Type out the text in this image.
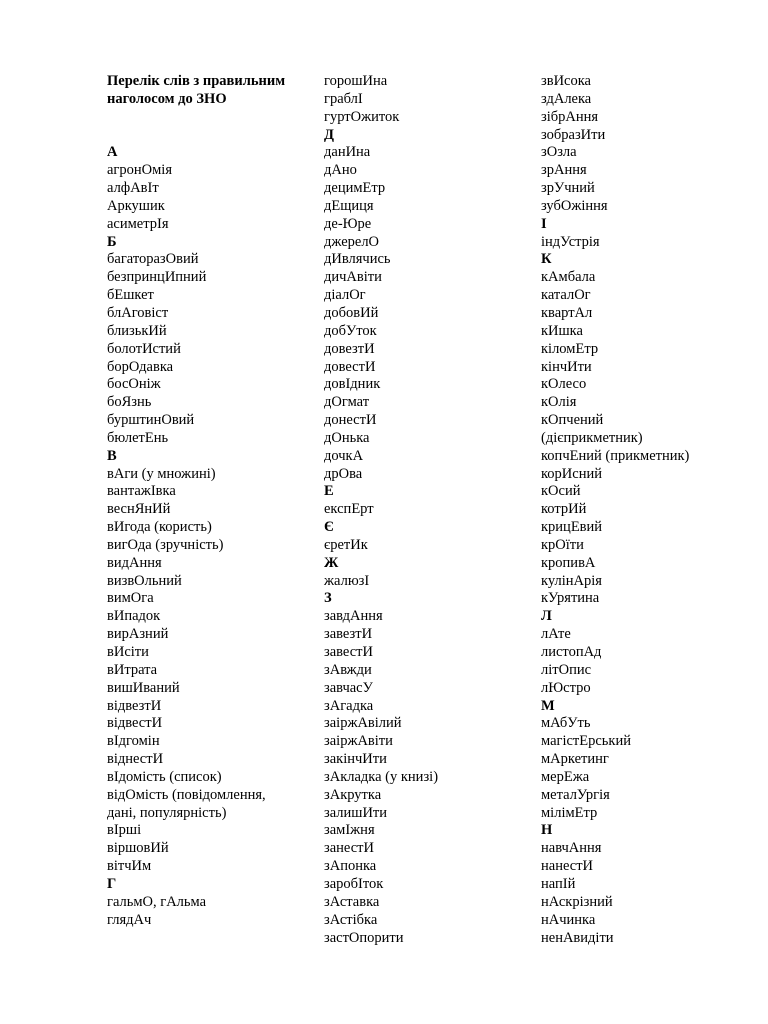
Перелік слів з правильним наголосом до ЗНО
А
агронОмія
алфАвІт
Аркушик
асиметрІя
Б
багаторазОвий
безпринцИпний
бЕшкет
блАговіст
близькИй
болотИстий
борОдавка
босОніж
боЯзнь
бурштинОвий
бюлетЕнь
В
вАги (у множині)
вантажІвка
веснЯнИй
вИгода (користь)
вигОда (зручність)
видАння
визвОльний
вимОга
вИпадок
вирАзний
вИсіти
вИтрата
вишИваний
відвезтИ
відвестИ
вІдгомін
віднестИ
вІдомість (список)
відОмість (повідомлення, дані, популярність)
вІрші
віршовИй
вітчИм
Г
гальмО, гАльма
глядАч
горошИна
граблІ
гуртОжиток
Д
данИна
дАно
децимЕтр
дЕщиця
де-Юре
джерелО
дИвлячись
дичАвіти
діалОг
добовИй
добУток
довезтИ
довестИ
довІдник
дОгмат
донестИ
дОнька
дочкА
дрОва
Е
експЕрт
Є
єретИк
Ж
жалюзІ
З
завдАння
завезтИ
завестИ
зАвжди
завчасУ
зАгадка
заіржАвілий
заіржАвіти
закінчИти
зАкладка (у книзі)
зАкрутка
залишИти
замІжня
занестИ
зАпонка
заробІток
зАставка
зАстібка
застОпорити
звИсока
здАлека
зібрАння
зобразИти
зОзла
зрАння
зрУчний
зубОжіння
І
індУстрія
К
кАмбала
каталОг
квартАл
кИшка
кіломЕтр
кінчИти
кОлесо
кОлія
кОпчений
(дієприкметник)
копчЕний (прикметник)
корИсний
кОсий
котрИй
крицЕвий
крОїти
кропивА
кулінАрія
кУрятина
Л
лАте
листопАд
літОпис
лЮстро
М
мАбУть
магістЕрський
мАркетинг
мерЕжа
металУргія
мілімЕтр
Н
навчАння
нанестИ
напІй
нАскрізний
нАчинка
ненАвидіти
